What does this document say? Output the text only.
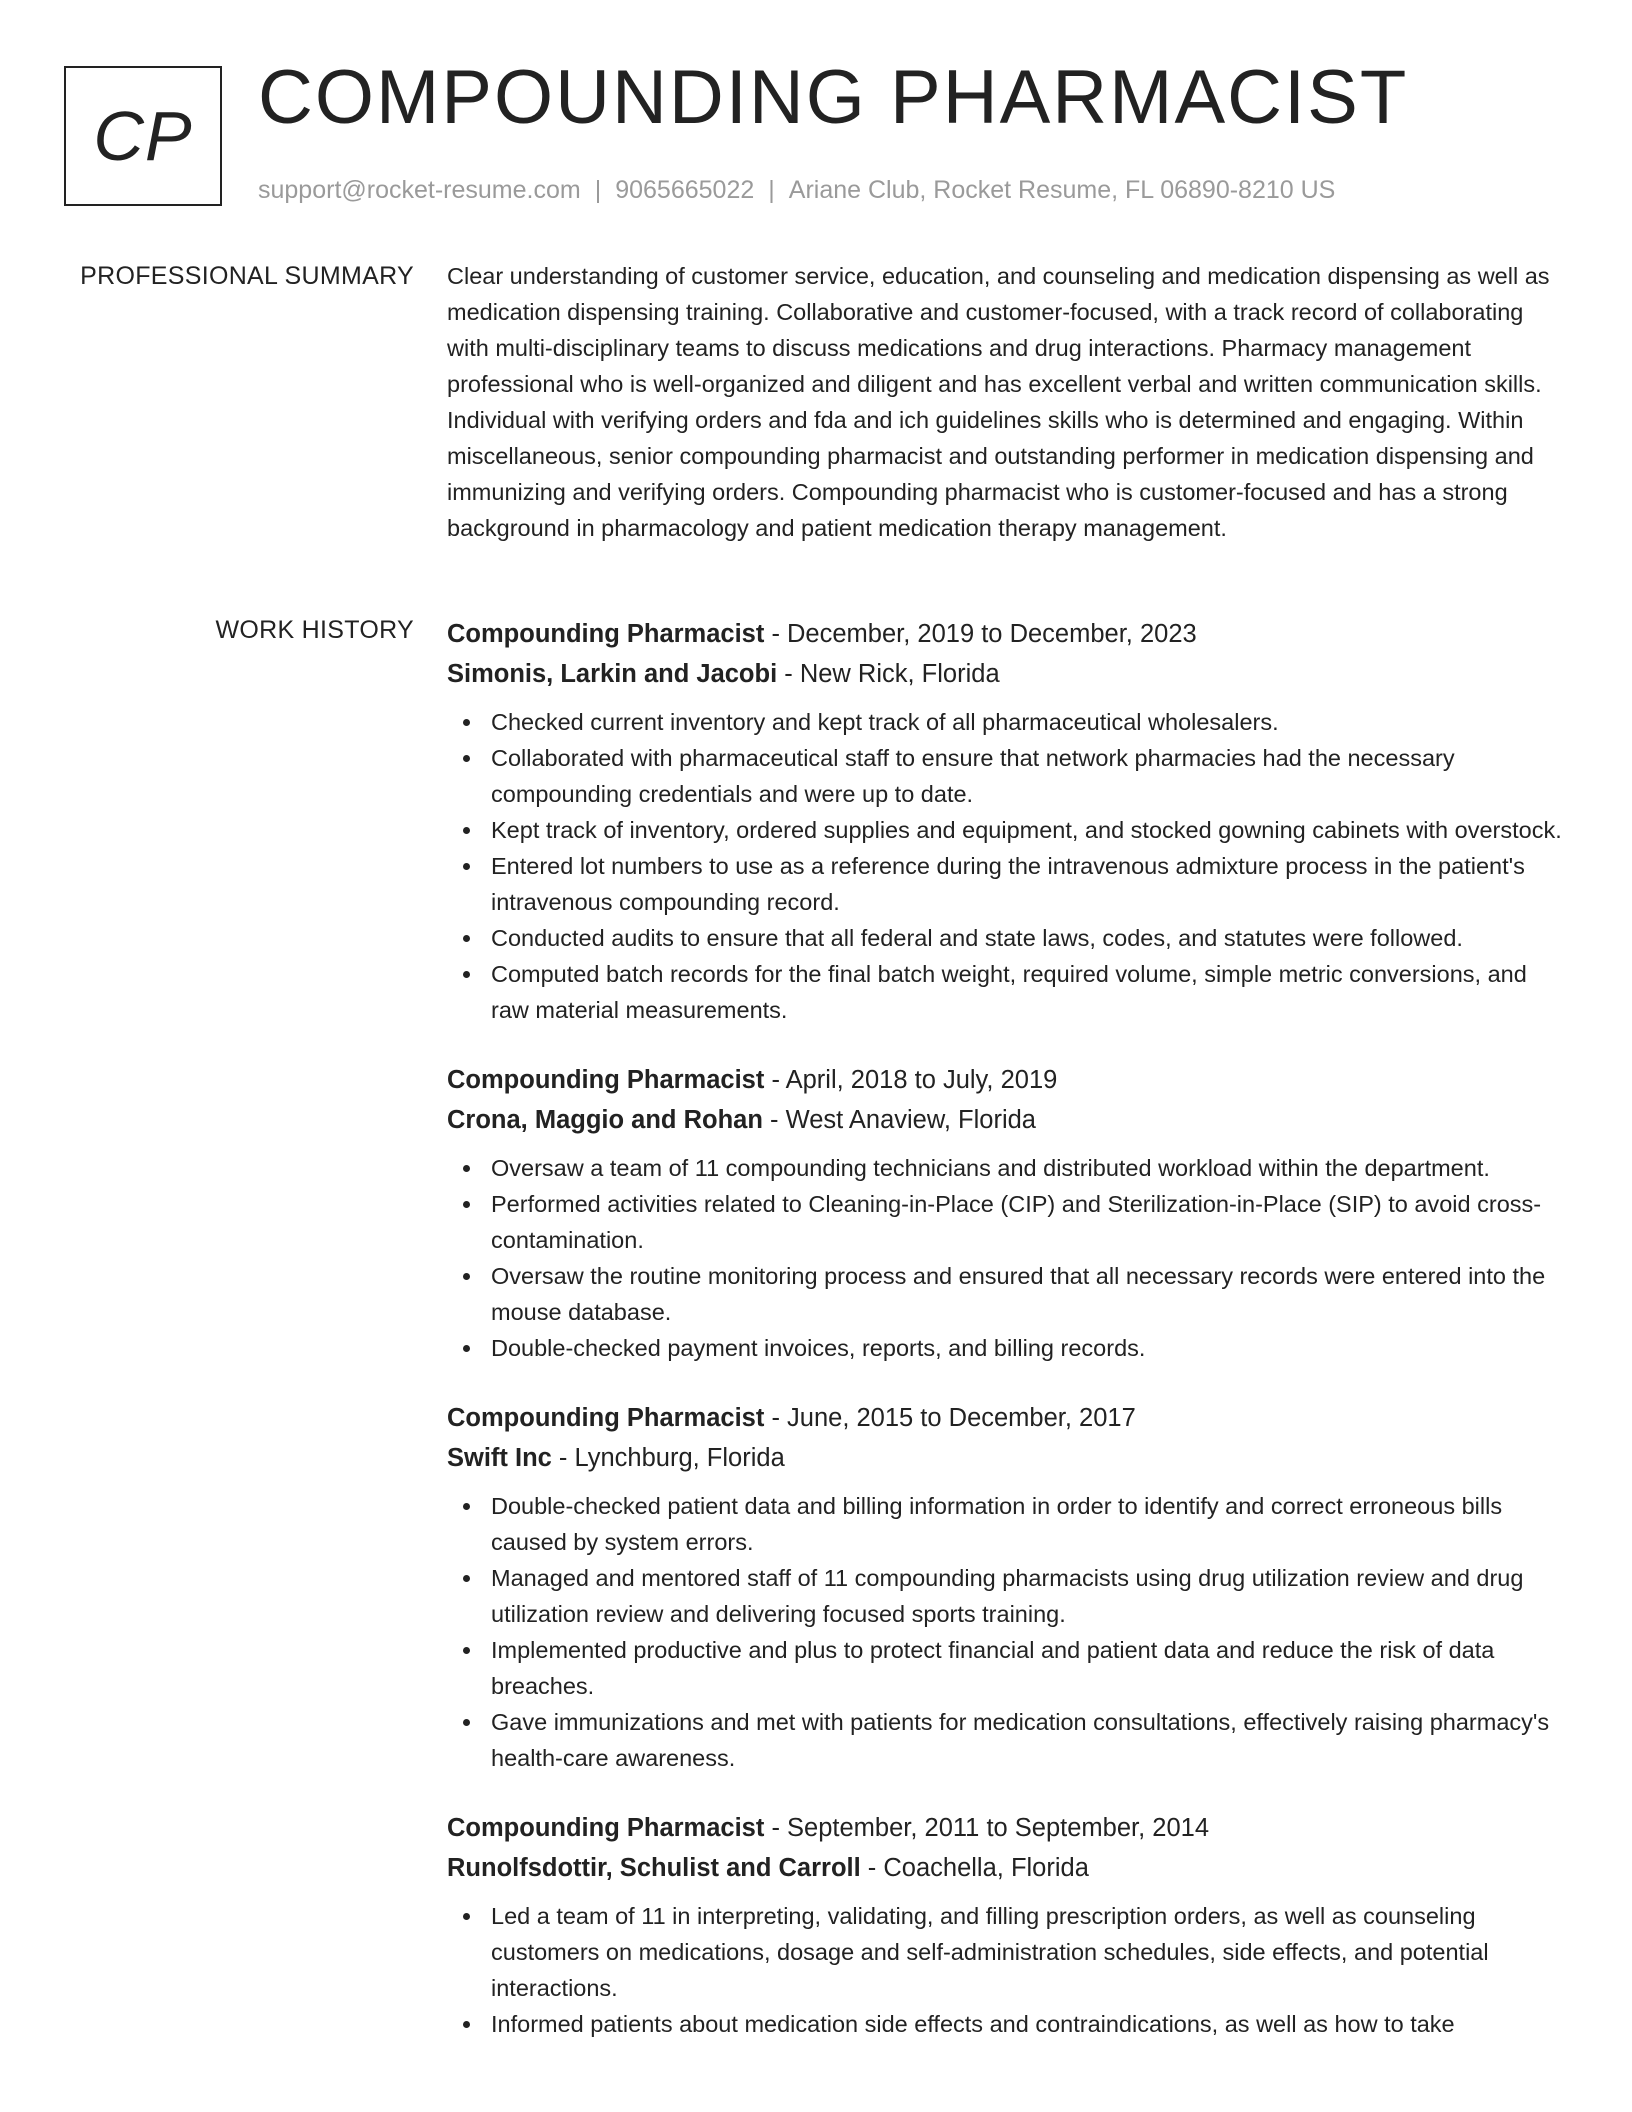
CP COMPOUNDING PHARMACIST
support@rocket-resume.com | 9065665022 | Ariane Club, Rocket Resume, FL 06890-8210 US
PROFESSIONAL SUMMARY Clear understanding of customer service, education, and counseling and medication dispensing as well as medication dispensing training. Collaborative and customer-focused, with a track record of collaborating with multi-disciplinary teams to discuss medications and drug interactions. Pharmacy management professional who is well-organized and diligent and has excellent verbal and written communication skills. Individual with verifying orders and fda and ich guidelines skills who is determined and engaging. Within miscellaneous, senior compounding pharmacist and outstanding performer in medication dispensing and immunizing and verifying orders. Compounding pharmacist who is customer-focused and has a strong background in pharmacology and patient medication therapy management.

WORK HISTORY Compounding Pharmacist - December, 2019 to December, 2023
Simonis, Larkin and Jacobi - New Rick, Florida
Checked current inventory and kept track of all pharmaceutical wholesalers.
Collaborated with pharmaceutical staff to ensure that network pharmacies had the necessary compounding credentials and were up to date.
Kept track of inventory, ordered supplies and equipment, and stocked gowning cabinets with overstock.
Entered lot numbers to use as a reference during the intravenous admixture process in the patient's intravenous compounding record.
Conducted audits to ensure that all federal and state laws, codes, and statutes were followed.
Computed batch records for the final batch weight, required volume, simple metric conversions, and raw material measurements.
Compounding Pharmacist - April, 2018 to July, 2019
Crona, Maggio and Rohan - West Anaview, Florida
Oversaw a team of 11 compounding technicians and distributed workload within the department.
Performed activities related to Cleaning-in-Place (CIP) and Sterilization-in-Place (SIP) to avoid cross-contamination.
Oversaw the routine monitoring process and ensured that all necessary records were entered into the mouse database.
Double-checked payment invoices, reports, and billing records.
Compounding Pharmacist - June, 2015 to December, 2017
Swift Inc - Lynchburg, Florida
Double-checked patient data and billing information in order to identify and correct erroneous bills caused by system errors.
Managed and mentored staff of 11 compounding pharmacists using drug utilization review and drug utilization review and delivering focused sports training.
Implemented productive and plus to protect financial and patient data and reduce the risk of data breaches.
Gave immunizations and met with patients for medication consultations, effectively raising pharmacy's health-care awareness.
Compounding Pharmacist - September, 2011 to September, 2014
Runolfsdottir, Schulist and Carroll - Coachella, Florida
Led a team of 11 in interpreting, validating, and filling prescription orders, as well as counseling customers on medications, dosage and self-administration schedules, side effects, and potential interactions.
Informed patients about medication side effects and contraindications, as well as how to take
